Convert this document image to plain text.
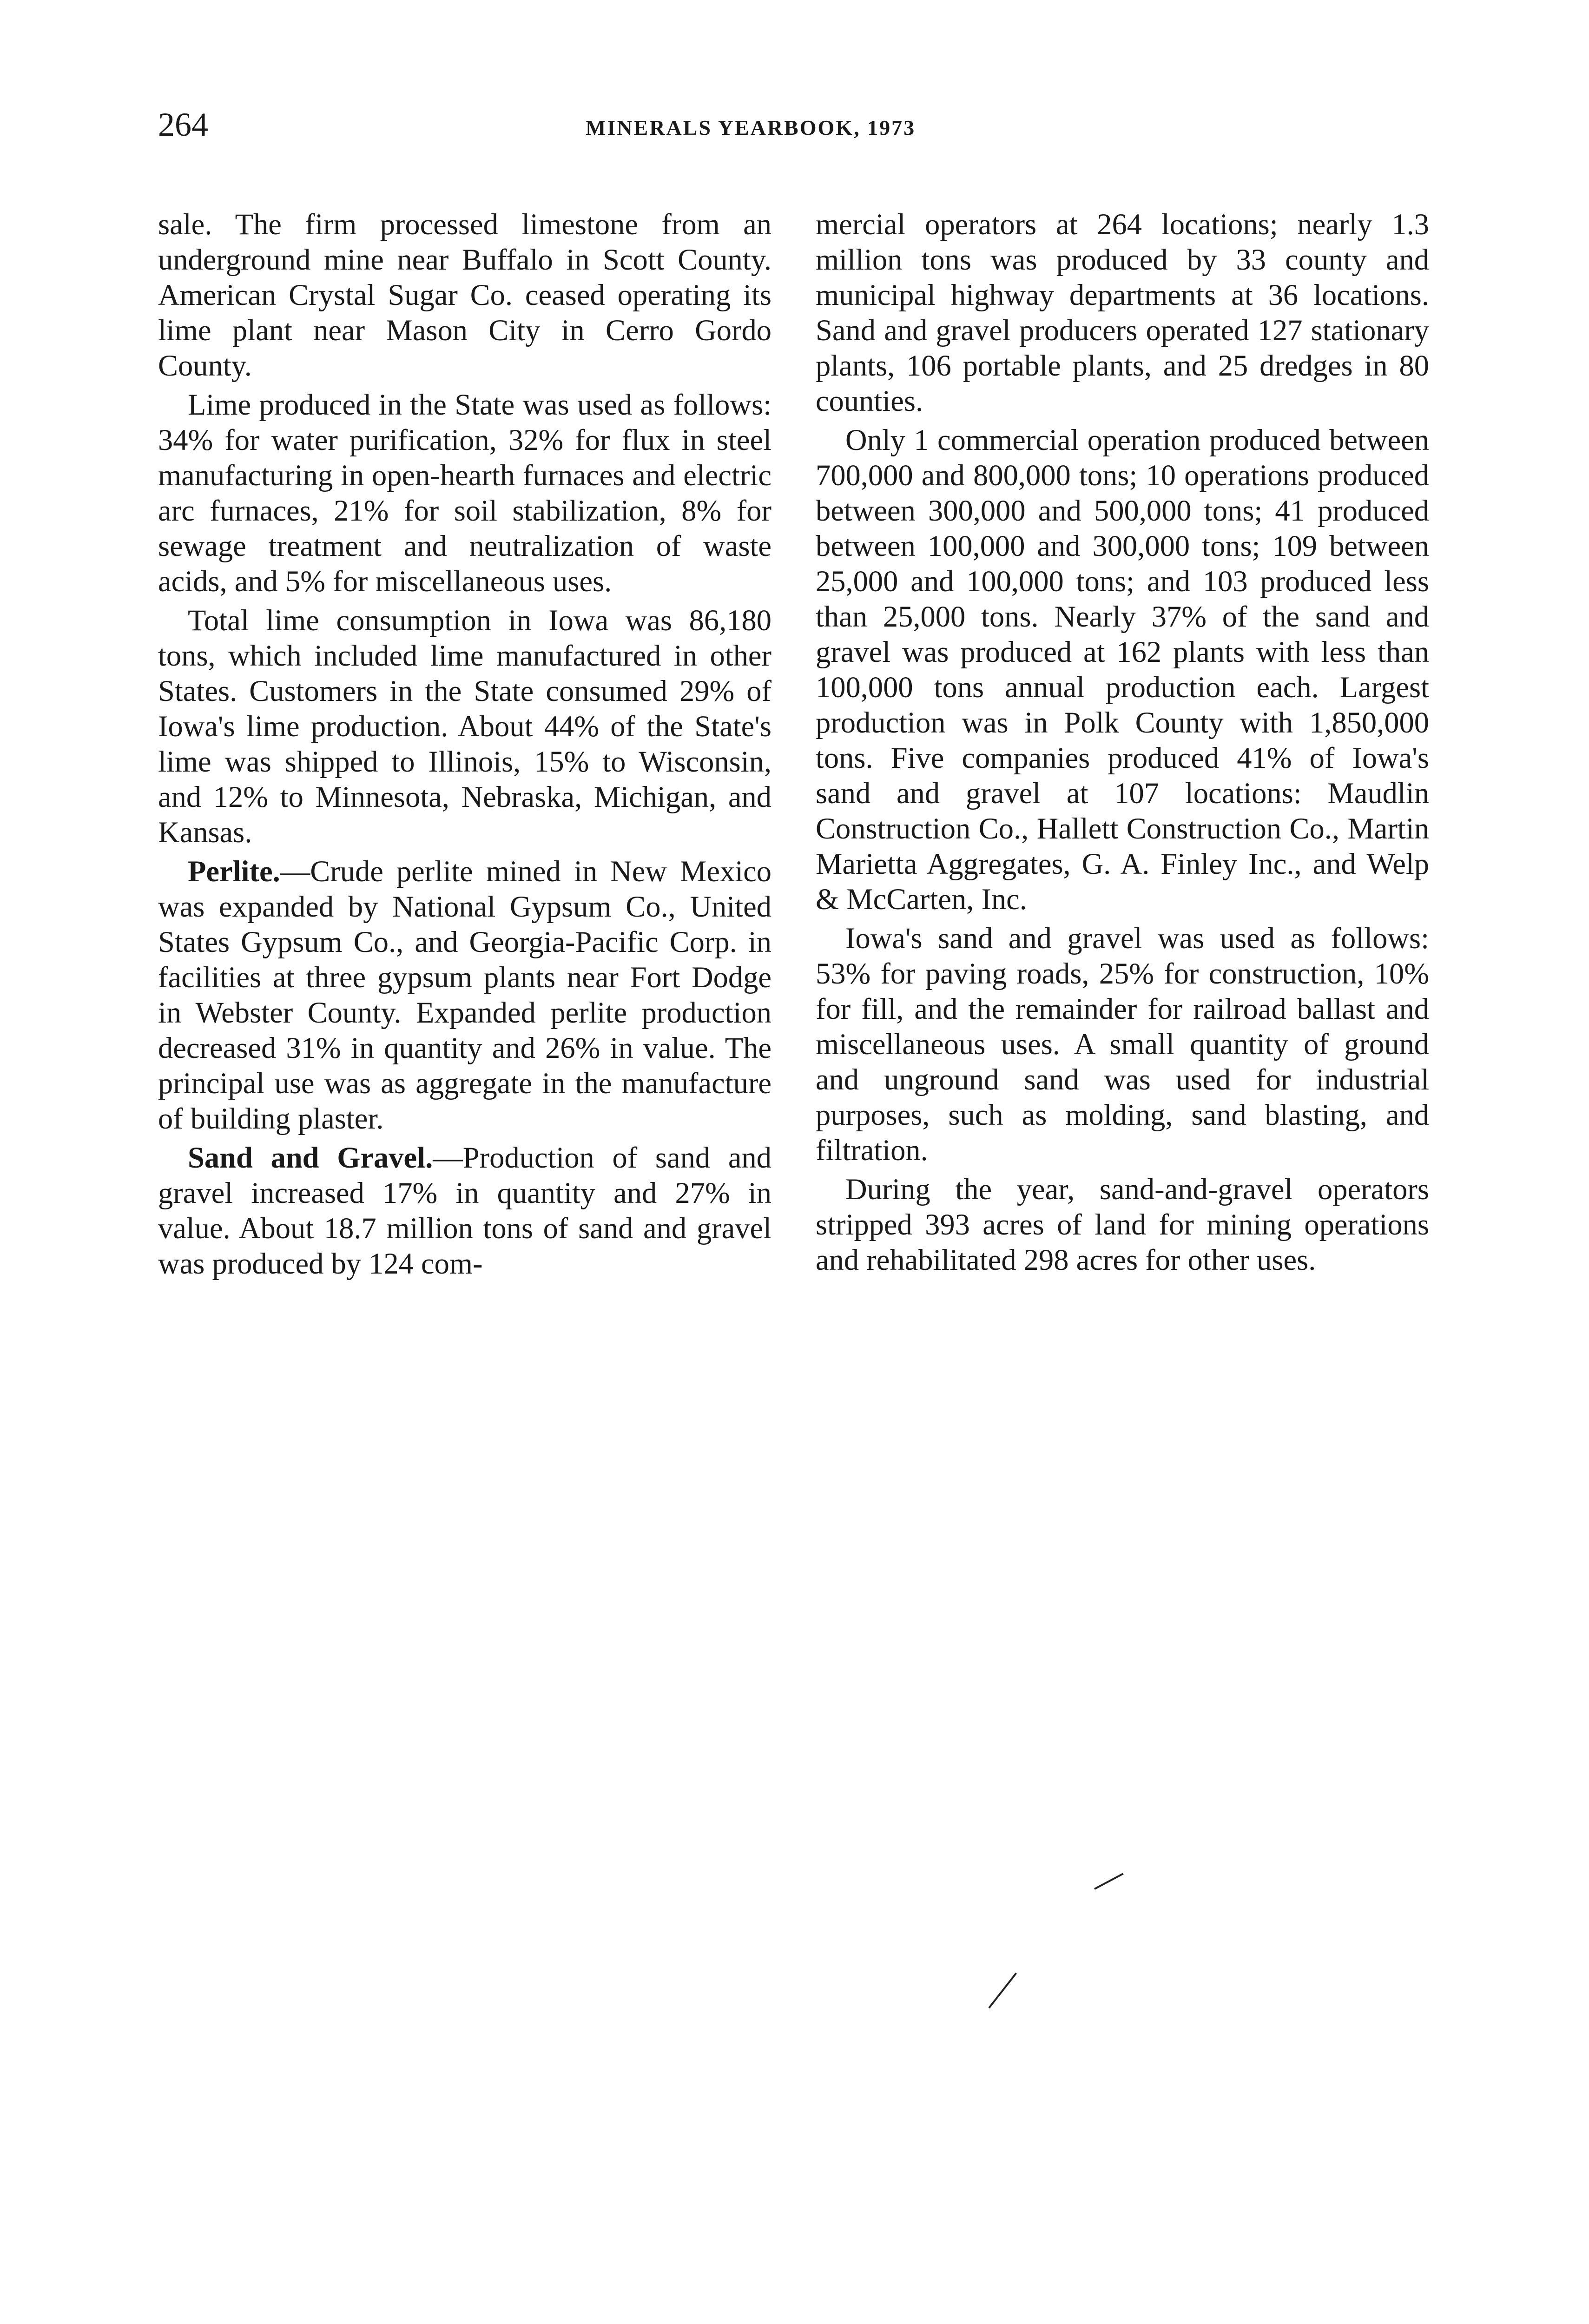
264	MINERALS YEARBOOK, 1973

sale. The firm processed limestone from an underground mine near Buffalo in Scott County. American Crystal Sugar Co. ceased operating its lime plant near Mason City in Cerro Gordo County.

Lime produced in the State was used as follows: 34% for water purification, 32% for flux in steel manufacturing in open-hearth furnaces and electric arc furnaces, 21% for soil stabilization, 8% for sewage treatment and neutralization of waste acids, and 5% for miscellaneous uses.

Total lime consumption in Iowa was 86,180 tons, which included lime manufactured in other States. Customers in the State consumed 29% of Iowa's lime production. About 44% of the State's lime was shipped to Illinois, 15% to Wisconsin, and 12% to Minnesota, Nebraska, Michigan, and Kansas.

Perlite.—Crude perlite mined in New Mexico was expanded by National Gypsum Co., United States Gypsum Co., and Georgia-Pacific Corp. in facilities at three gypsum plants near Fort Dodge in Webster County. Expanded perlite production decreased 31% in quantity and 26% in value. The principal use was as aggregate in the manufacture of building plaster.

Sand and Gravel.—Production of sand and gravel increased 17% in quantity and 27% in value. About 18.7 million tons of sand and gravel was produced by 124 com-

mercial operators at 264 locations; nearly 1.3 million tons was produced by 33 county and municipal highway departments at 36 locations. Sand and gravel producers operated 127 stationary plants, 106 portable plants, and 25 dredges in 80 counties.

Only 1 commercial operation produced between 700,000 and 800,000 tons; 10 operations produced between 300,000 and 500,000 tons; 41 produced between 100,000 and 300,000 tons; 109 between 25,000 and 100,000 tons; and 103 produced less than 25,000 tons. Nearly 37% of the sand and gravel was produced at 162 plants with less than 100,000 tons annual production each. Largest production was in Polk County with 1,850,000 tons. Five companies produced 41% of Iowa's sand and gravel at 107 locations: Maudlin Construction Co., Hallett Construction Co., Martin Marietta Aggregates, G. A. Finley Inc., and Welp & McCarten, Inc.

Iowa's sand and gravel was used as follows: 53% for paving roads, 25% for construction, 10% for fill, and the remainder for railroad ballast and miscellaneous uses. A small quantity of ground and unground sand was used for industrial purposes, such as molding, sand blasting, and filtration.

During the year, sand-and-gravel operators stripped 393 acres of land for mining operations and rehabilitated 298 acres for other uses.
